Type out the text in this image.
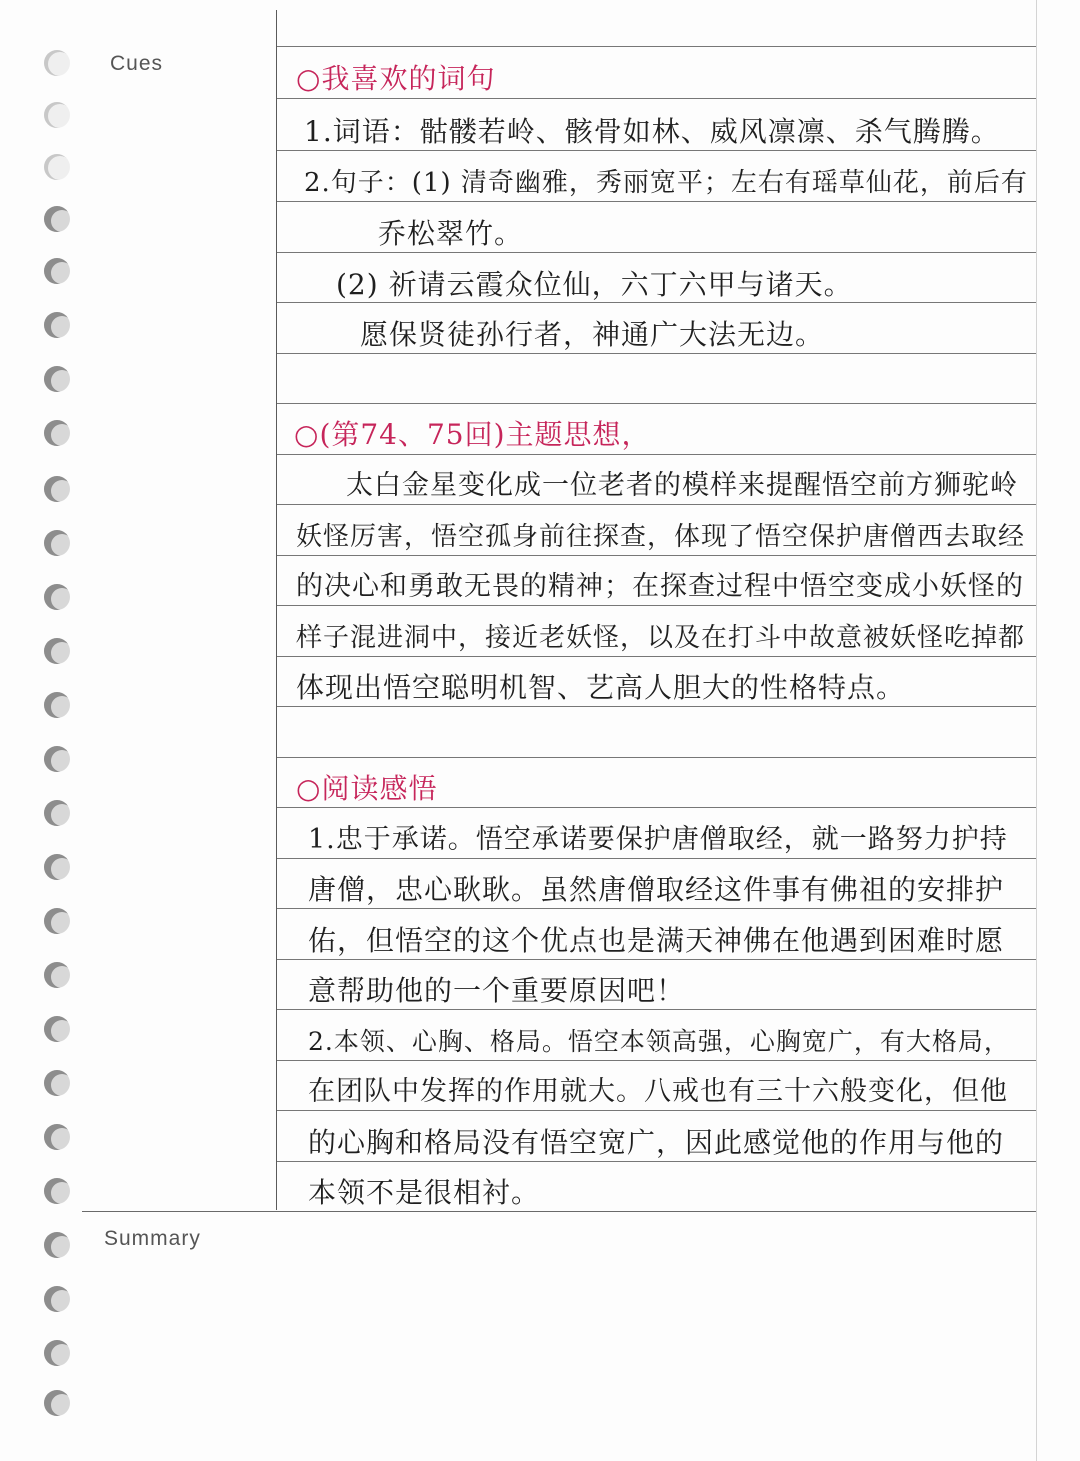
Cues
Summary
○我喜欢的词句
1.词语：骷髅若岭、骸骨如林、威风凛凛、杀气腾腾。
2.句子：(1) 清奇幽雅，秀丽宽平；左右有瑶草仙花，前后有
乔松翠竹。
(2) 祈请云霞众位仙，六丁六甲与诸天。
愿保贤徒孙行者，神通广大法无边。
○(第74、75回)主题思想，
太白金星变化成一位老者的模样来提醒悟空前方狮驼岭
妖怪厉害，悟空孤身前往探查，体现了悟空保护唐僧西去取经
的决心和勇敢无畏的精神；在探查过程中悟空变成小妖怪的
样子混进洞中，接近老妖怪，以及在打斗中故意被妖怪吃掉都
体现出悟空聪明机智、艺高人胆大的性格特点。
○阅读感悟
1.忠于承诺。悟空承诺要保护唐僧取经，就一路努力护持
唐僧，忠心耿耿。虽然唐僧取经这件事有佛祖的安排护
佑，但悟空的这个优点也是满天神佛在他遇到困难时愿
意帮助他的一个重要原因吧！
2.本领、心胸、格局。悟空本领高强，心胸宽广，有大格局，
在团队中发挥的作用就大。八戒也有三十六般变化，但他
的心胸和格局没有悟空宽广，因此感觉他的作用与他的
本领不是很相衬。
